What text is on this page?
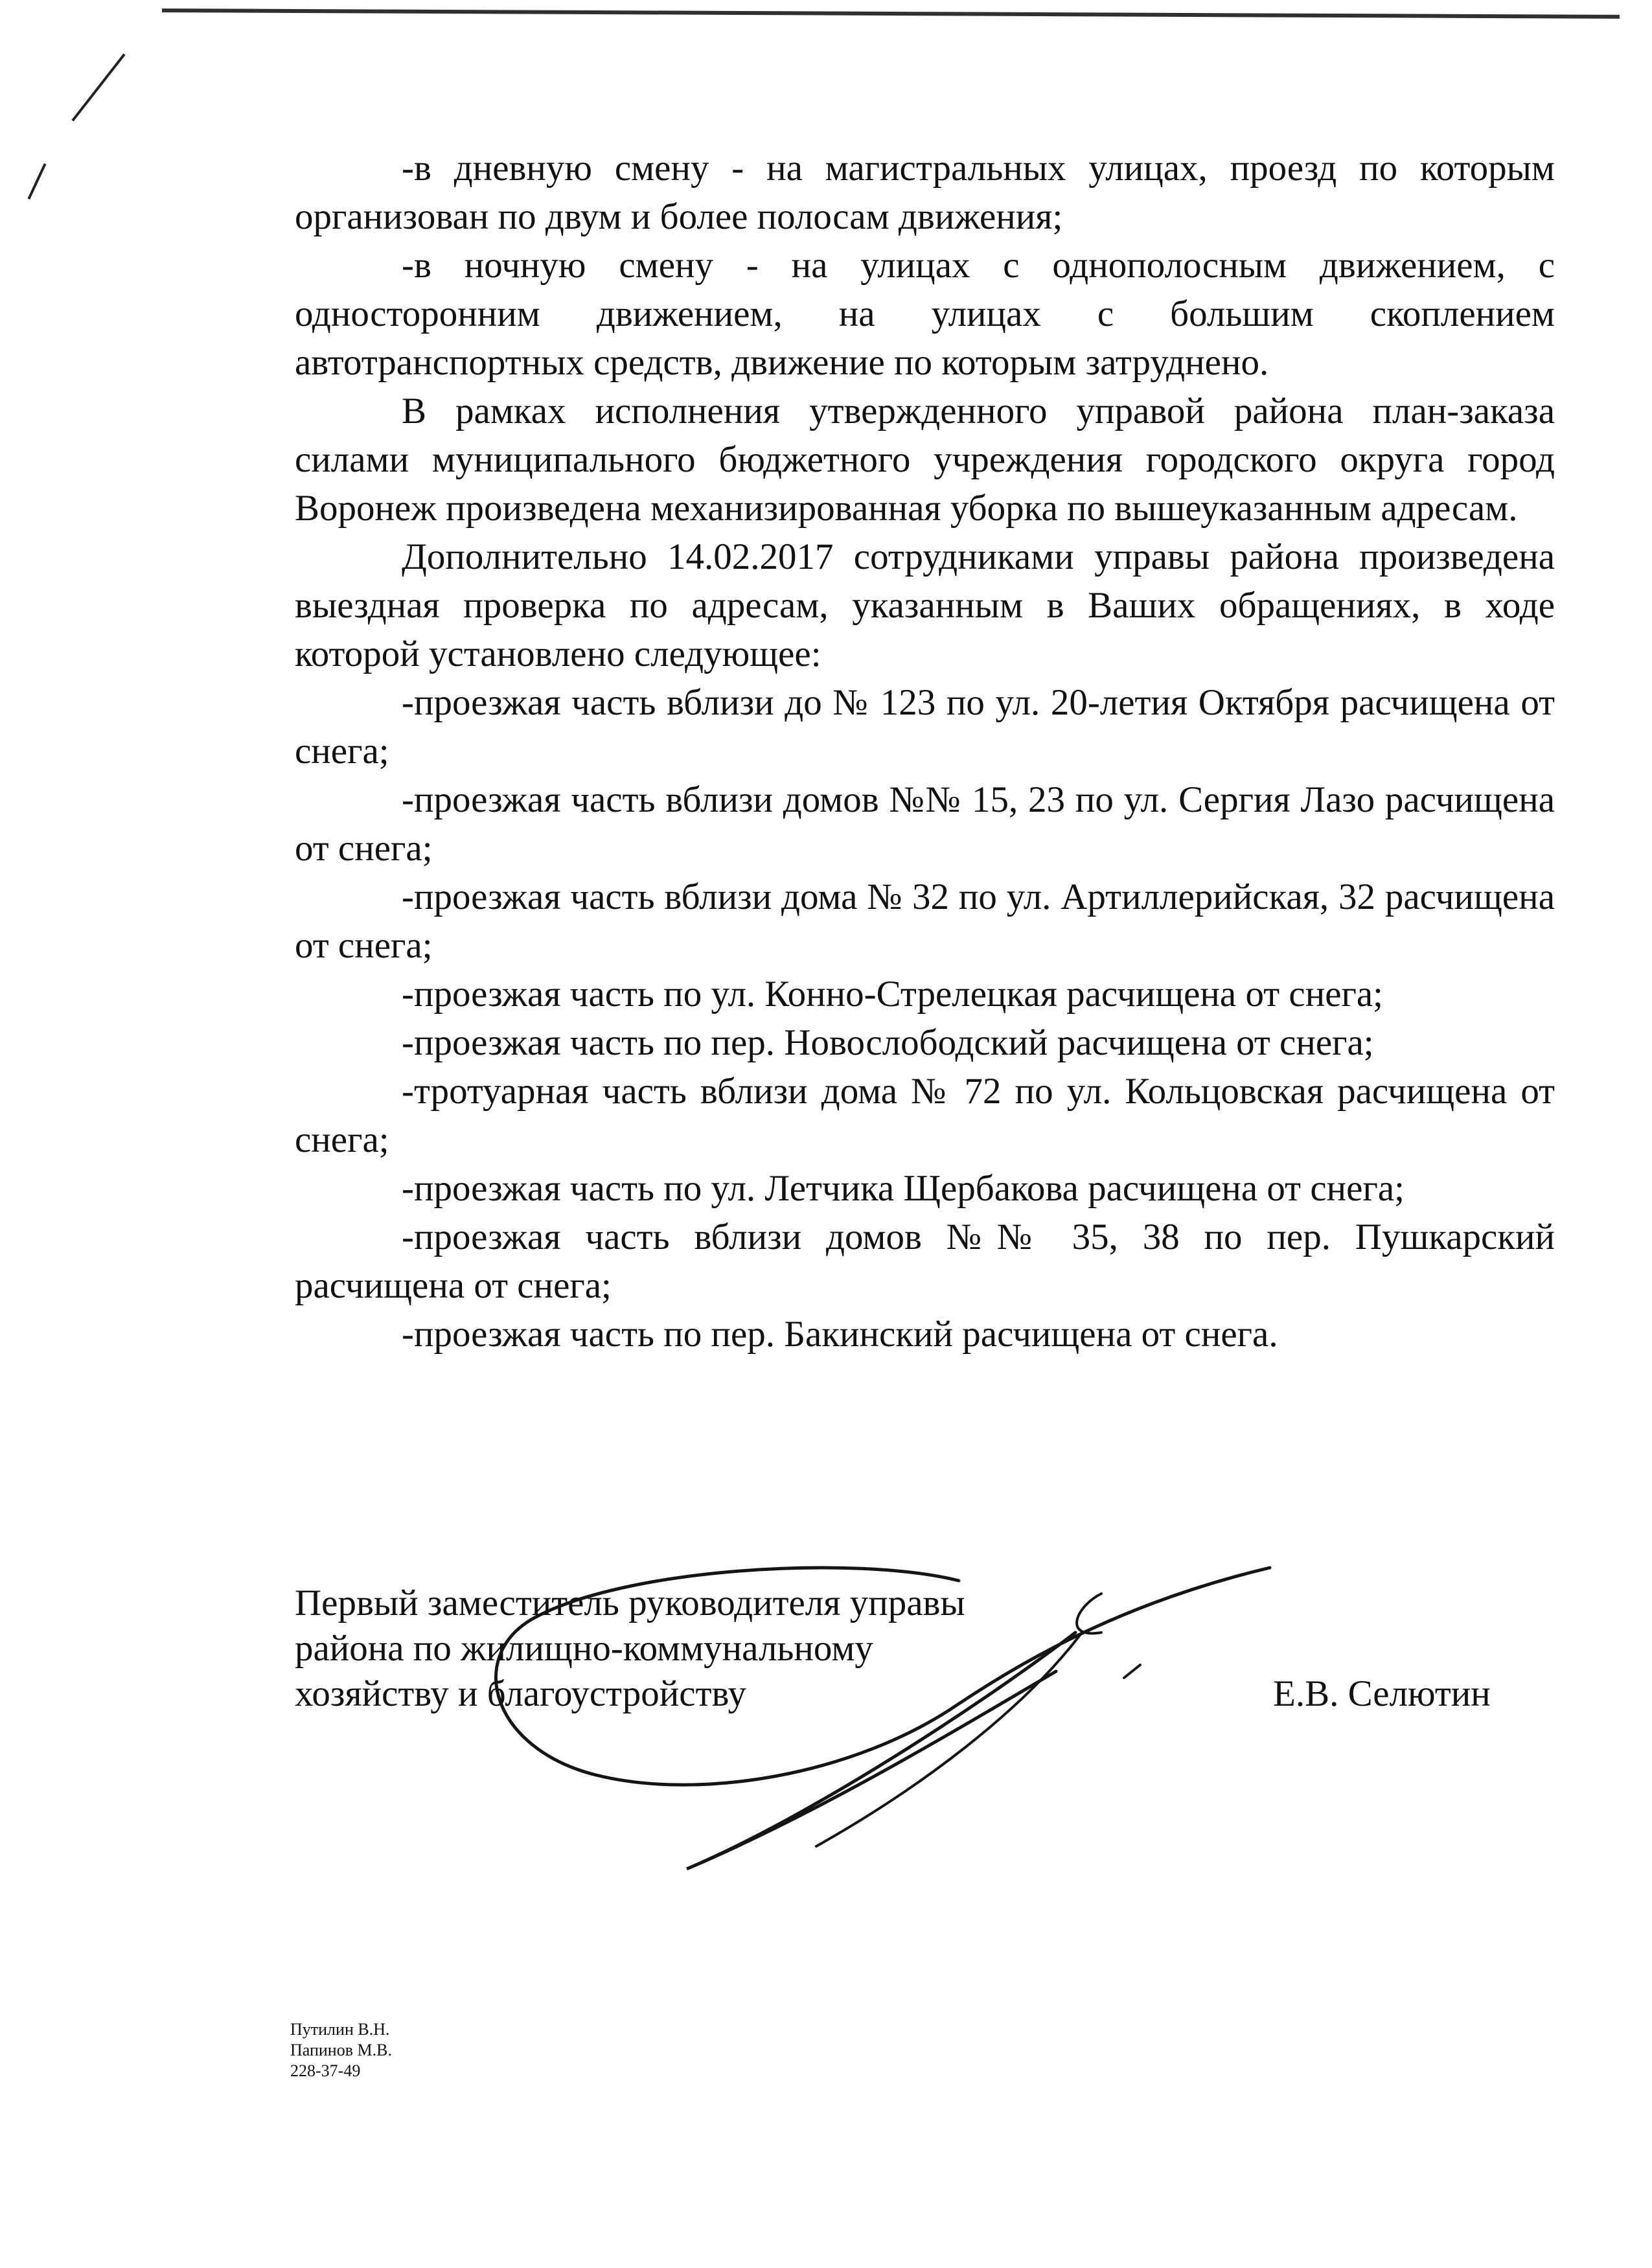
-в дневную смену - на магистральных улицах, проезд по которым организован по двум и более полосам движения;

-в ночную смену - на улицах с однополосным движением, с односторонним движением, на улицах с большим скоплением автотранспортных средств, движение по которым затруднено.

В рамках исполнения утвержденного управой района план-заказа силами муниципального бюджетного учреждения городского округа город Воронеж произведена механизированная уборка по вышеуказанным адресам.

Дополнительно 14.02.2017 сотрудниками управы района произведена выездная проверка по адресам, указанным в Ваших обращениях, в ходе которой установлено следующее:

-проезжая часть вблизи до № 123 по ул. 20-летия Октября расчищена от снега;

-проезжая часть вблизи домов №№ 15, 23 по ул. Сергия Лазо расчищена от снега;

-проезжая часть вблизи дома № 32 по ул. Артиллерийская, 32 расчищена от снега;

-проезжая часть по ул. Конно-Стрелецкая расчищена от снега;

-проезжая часть по пер. Новослободский расчищена от снега;

-тротуарная часть вблизи дома № 72 по ул. Кольцовская расчищена от снега;

-проезжая часть по ул. Летчика Щербакова расчищена от снега;

-проезжая часть вблизи домов №№ 35, 38 по пер. Пушкарский расчищена от снега;

-проезжая часть по пер. Бакинский расчищена от снега.

Первый заместитель руководителя управы
района по жилищно-коммунальному
хозяйству и благоустройству	Е.В. Селютин
Путилин В.Н.
Папинов М.В.
228-37-49
